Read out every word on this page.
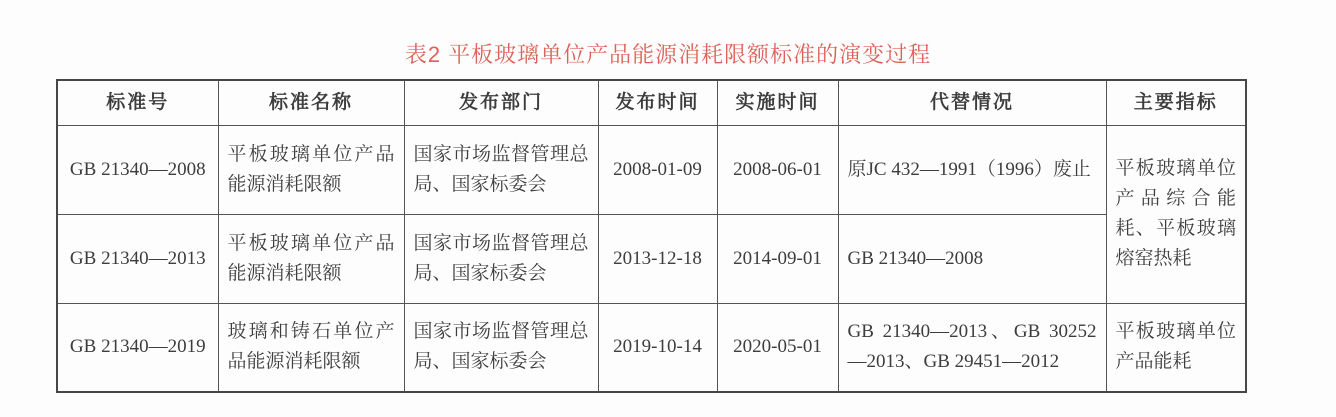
表2 平板玻璃单位产品能源消耗限额标准的演变过程
标准号	标准名称	发布部门	发布时间	实施时间	代替情况	主要指标
GB 21340—2008	平板玻璃单位产品能源消耗限额	国家市场监督管理总局、国家标委会	2008-01-09	2008-06-01	原JC 432—1991（1996）废止	平板玻璃单位产品综合能耗、平板玻璃熔窑热耗
GB 21340—2013	平板玻璃单位产品能源消耗限额	国家市场监督管理总局、国家标委会	2013-12-18	2014-09-01	GB 21340—2008	
GB 21340—2019	玻璃和铸石单位产品能源消耗限额	国家市场监督管理总局、国家标委会	2019-10-14	2020-05-01	GB 21340—2013、GB 30252—2013、GB 29451—2012	平板玻璃单位产品能耗
